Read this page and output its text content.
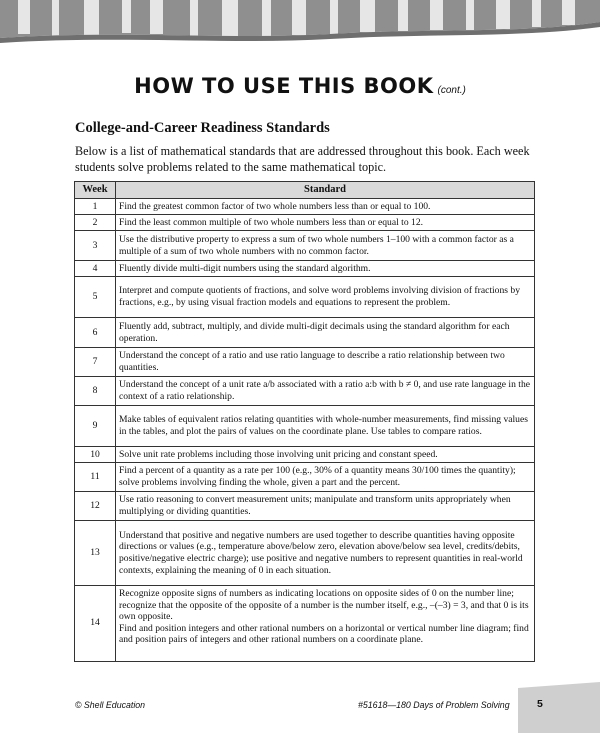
HOW TO USE THIS BOOK (cont.)
College-and-Career Readiness Standards
Below is a list of mathematical standards that are addressed throughout this book. Each week students solve problems related to the same mathematical topic.
Week	Standard
1	Find the greatest common factor of two whole numbers less than or equal to 100.
2	Find the least common multiple of two whole numbers less than or equal to 12.
3	Use the distributive property to express a sum of two whole numbers 1–100 with a common factor as a multiple of a sum of two whole numbers with no common factor.
4	Fluently divide multi-digit numbers using the standard algorithm.
5	Interpret and compute quotients of fractions, and solve word problems involving division of fractions by fractions, e.g., by using visual fraction models and equations to represent the problem.
6	Fluently add, subtract, multiply, and divide multi-digit decimals using the standard algorithm for each operation.
7	Understand the concept of a ratio and use ratio language to describe a ratio relationship between two quantities.
8	Understand the concept of a unit rate a/b associated with a ratio a:b with b ≠ 0, and use rate language in the context of a ratio relationship.
9	Make tables of equivalent ratios relating quantities with whole-number measurements, find missing values in the tables, and plot the pairs of values on the coordinate plane. Use tables to compare ratios.
10	Solve unit rate problems including those involving unit pricing and constant speed.
11	Find a percent of a quantity as a rate per 100 (e.g., 30% of a quantity means 30/100 times the quantity); solve problems involving finding the whole, given a part and the percent.
12	Use ratio reasoning to convert measurement units; manipulate and transform units appropriately when multiplying or dividing quantities.
13	Understand that positive and negative numbers are used together to describe quantities having opposite directions or values (e.g., temperature above/below zero, elevation above/below sea level, credits/debits, positive/negative electric charge); use positive and negative numbers to represent quantities in real-world contexts, explaining the meaning of 0 in each situation.
14	Recognize opposite signs of numbers as indicating locations on opposite sides of 0 on the number line; recognize that the opposite of the opposite of a number is the number itself, e.g., –(–3) = 3, and that 0 is its own opposite.
Find and position integers and other rational numbers on a horizontal or vertical number line diagram; find and position pairs of integers and other rational numbers on a coordinate plane.
© Shell Education	#51618—180 Days of Problem Solving	5
